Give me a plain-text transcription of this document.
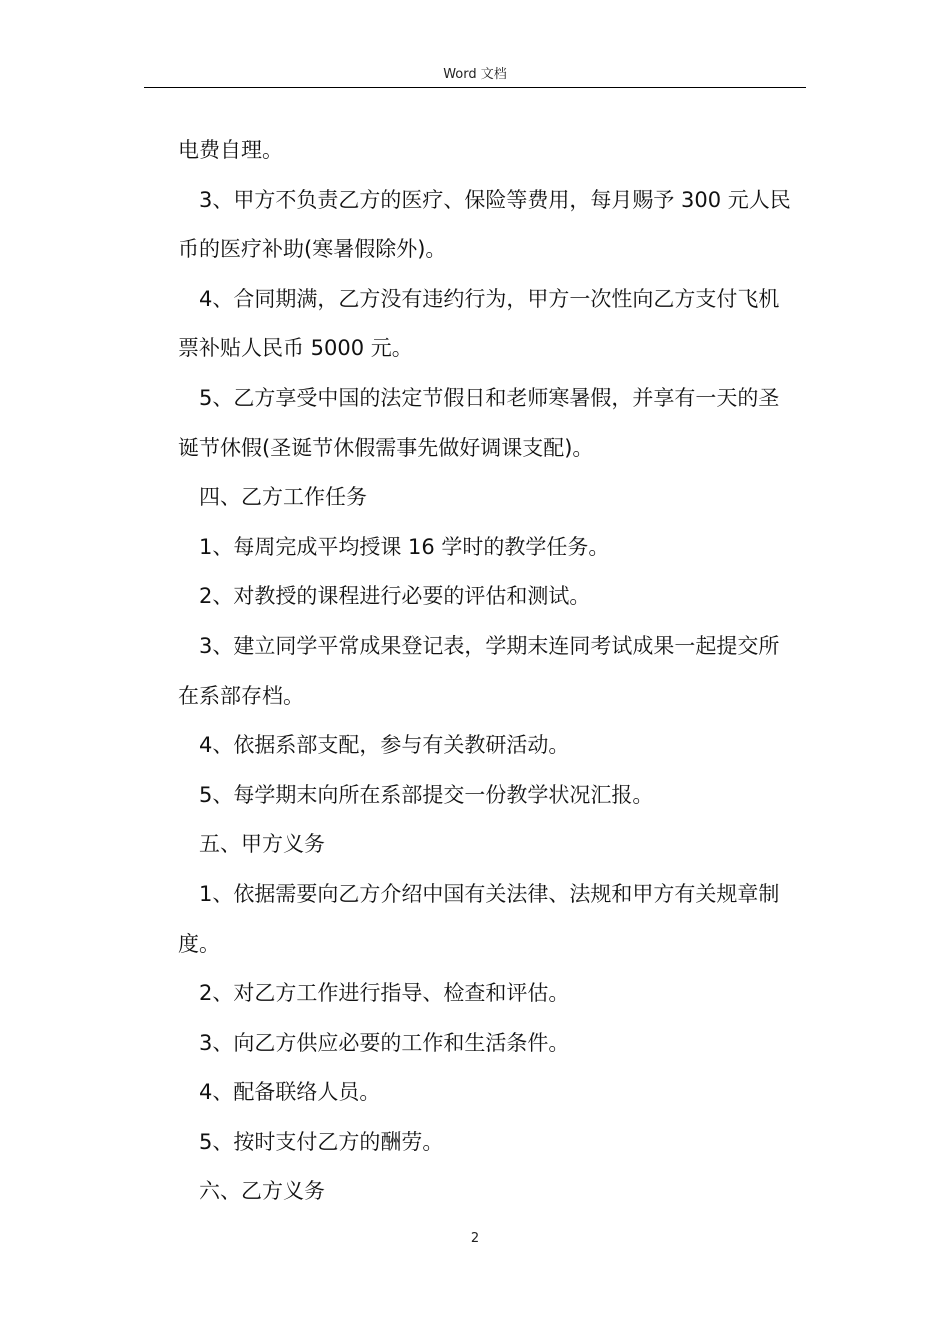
Word 文档

电费自理。

3、甲方不负责乙方的医疗、保险等费用，每月赐予 300 元人民币的医疗补助(寒暑假除外)。

4、合同期满，乙方没有违约行为，甲方一次性向乙方支付飞机票补贴人民币 5000 元。

5、乙方享受中国的法定节假日和老师寒暑假，并享有一天的圣诞节休假(圣诞节休假需事先做好调课支配)。

四、乙方工作任务

1、每周完成平均授课 16 学时的教学任务。

2、对教授的课程进行必要的评估和测试。

3、建立同学平常成果登记表，学期末连同考试成果一起提交所在系部存档。

4、依据系部支配，参与有关教研活动。

5、每学期末向所在系部提交一份教学状况汇报。

五、甲方义务

1、依据需要向乙方介绍中国有关法律、法规和甲方有关规章制度。

2、对乙方工作进行指导、检查和评估。

3、向乙方供应必要的工作和生活条件。

4、配备联络人员。

5、按时支付乙方的酬劳。

六、乙方义务

2
